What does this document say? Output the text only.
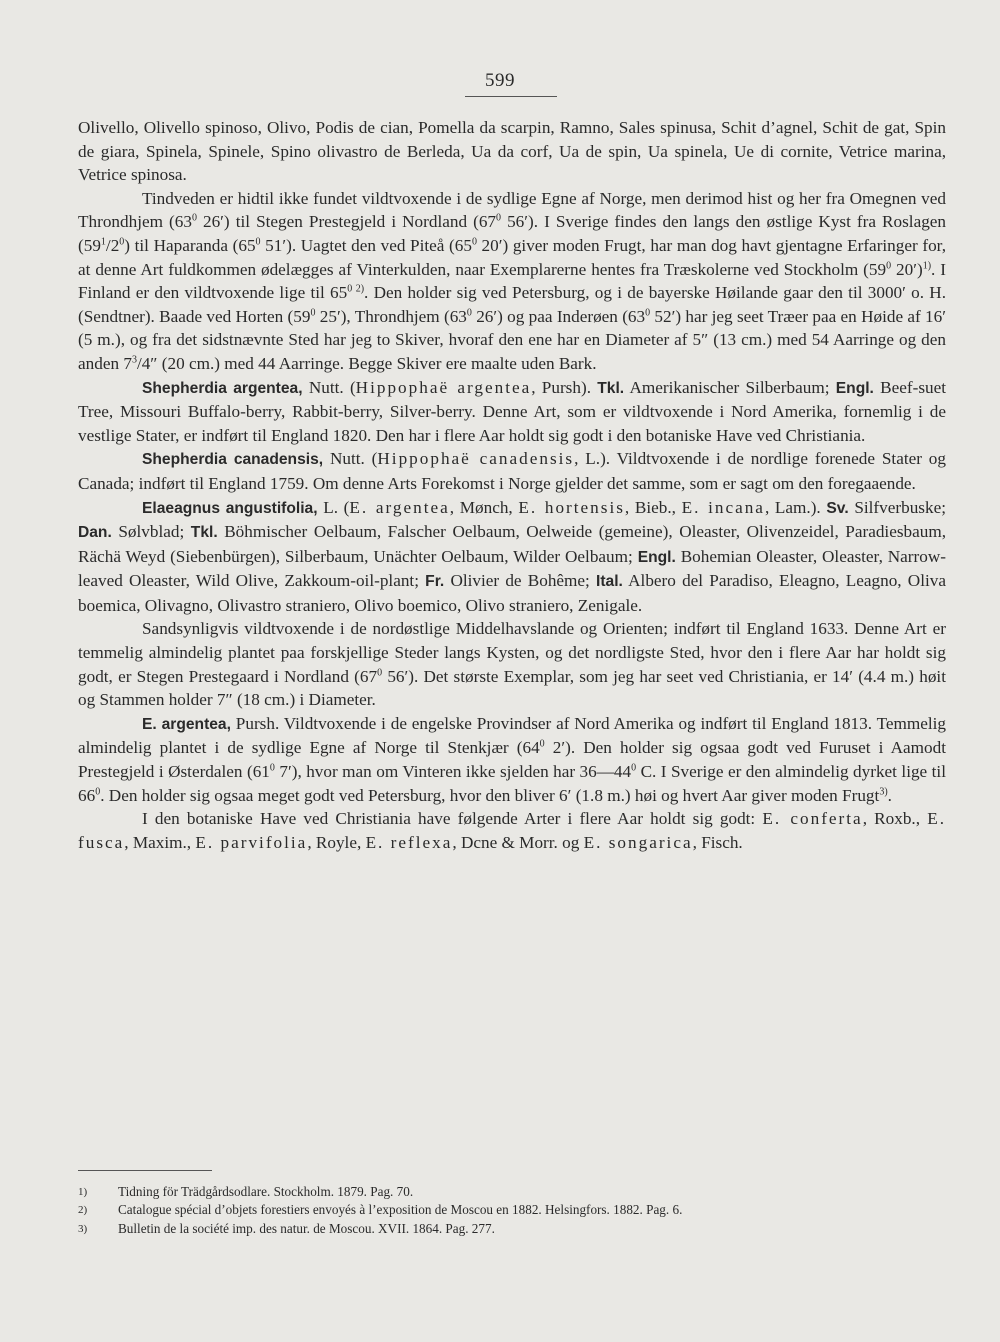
599

Olivello, Olivello spinoso, Olivo, Podis de cian, Pomella da scarpin, Ramno, Sales spinusa, Schit d’agnel, Schit de gat, Spin de giara, Spinela, Spinele, Spino olivastro de Berleda, Ua da corf, Ua de spin, Ua spinela, Ue di cornite, Vetrice marina, Vetrice spinosa.

Tindveden er hidtil ikke fundet vildtvoxende i de sydlige Egne af Norge, men derimod hist og her fra Omegnen ved Throndhjem ($63^0$ 26′) til Stegen Prestegjeld i Nordland ($67^0$ 56′). I Sverige findes den langs den østlige Kyst fra Roslagen $(59^1/2^0)$ til Haparanda ($65^0$ 51′). Uagtet den ved Piteå ($65^0$ 20′) giver moden Frugt, har man dog havt gjentagne Erfaringer for, at denne Art fuldkommen ødelægges af Vinterkulden, naar Exemplarerne hentes fra Træskolerne ved Stockholm ($59^0$ 20′)$^{1)}$. I Finland er den vildtvoxende lige til $65^0$ $^{2)}$. Den holder sig ved Petersburg, og i de bayerske Høilande gaar den til 3000′ o. H. (Sendtner). Baade ved Horten ($59^0$ 25′), Throndhjem ($63^0$ 26′) og paa Inderøen ($63^0$ 52′) har jeg seet Træer paa en Høide af 16′ (5 m.), og fra det sidstnævnte Sted har jeg to Skiver, hvoraf den ene har en Diameter af 5″ (13 cm.) med 54 Aarringe og den anden $7^3/4''$ (20 cm.) med 44 Aarringe. Begge Skiver ere maalte uden Bark.

Shepherdia argentea, Nutt. (Hippophaë argentea, Pursh). Tkl. Amerikanischer Silberbaum; Engl. Beef-suet Tree, Missouri Buffalo-berry, Rabbit-berry, Silver-berry. Denne Art, som er vildtvoxende i Nord Amerika, fornemlig i de vestlige Stater, er indført til England 1820. Den har i flere Aar holdt sig godt i den botaniske Have ved Christiania.

Shepherdia canadensis, Nutt. (Hippophaë canadensis, L.). Vildtvoxende i de nordlige forenede Stater og Canada; indført til England 1759. Om denne Arts Forekomst i Norge gjelder det samme, som er sagt om den foregaaende.

Elaeagnus angustifolia, L. (E. argentea, Mønch, E. hortensis, Bieb., E. incana, Lam.). Sv. Silfverbuske; Dan. Sølvblad; Tkl. Böhmischer Oelbaum, Falscher Oelbaum, Oelweide (gemeine), Oleaster, Olivenzeidel, Paradiesbaum, Rächä Weyd (Siebenbürgen), Silberbaum, Unächter Oelbaum, Wilder Oelbaum; Engl. Bohemian Oleaster, Oleaster, Narrow-leaved Oleaster, Wild Olive, Zakkoum-oil-plant; Fr. Olivier de Bohême; Ital. Albero del Paradiso, Eleagno, Leagno, Oliva boemica, Olivagno, Olivastro straniero, Olivo boemico, Olivo straniero, Zenigale.

Sandsynligvis vildtvoxende i de nordøstlige Middelhavslande og Orienten; indført til England 1633. Denne Art er temmelig almindelig plantet paa forskjellige Steder langs Kysten, og det nordligste Sted, hvor den i flere Aar har holdt sig godt, er Stegen Prestegaard i Nordland ($67^0$ 56′). Det største Exemplar, som jeg har seet ved Christiania, er 14′ (4.4 m.) høit og Stammen holder 7″ (18 cm.) i Diameter.

E. argentea, Pursh. Vildtvoxende i de engelske Provindser af Nord Amerika og indført til England 1813. Temmelig almindelig plantet i de sydlige Egne af Norge til Stenkjær ($64^0$ 2′). Den holder sig ogsaa godt ved Furuset i Aamodt Prestegjeld i Østerdalen ($61^0$ 7′), hvor man om Vinteren ikke sjelden har $36—44^0$ C. I Sverige er den almindelig dyrket lige til $66^0$. Den holder sig ogsaa meget godt ved Petersburg, hvor den bliver 6′ (1.8 m.) høi og hvert Aar giver moden Frugt$^{3)}$.

I den botaniske Have ved Christiania have følgende Arter i flere Aar holdt sig godt: E. conferta, Roxb., E. fusca, Maxim., E. parvifolia, Royle, E. reflexa, Dcne & Morr. og E. songarica, Fisch.

1)	Tidning för Trädgårdsodlare. Stockholm. 1879. Pag. 70.
2)	Catalogue spécial d’objets forestiers envoyés à l’exposition de Moscou en 1882. Helsingfors. 1882. Pag. 6.
3)	Bulletin de la société imp. des natur. de Moscou. XVII. 1864. Pag. 277.
